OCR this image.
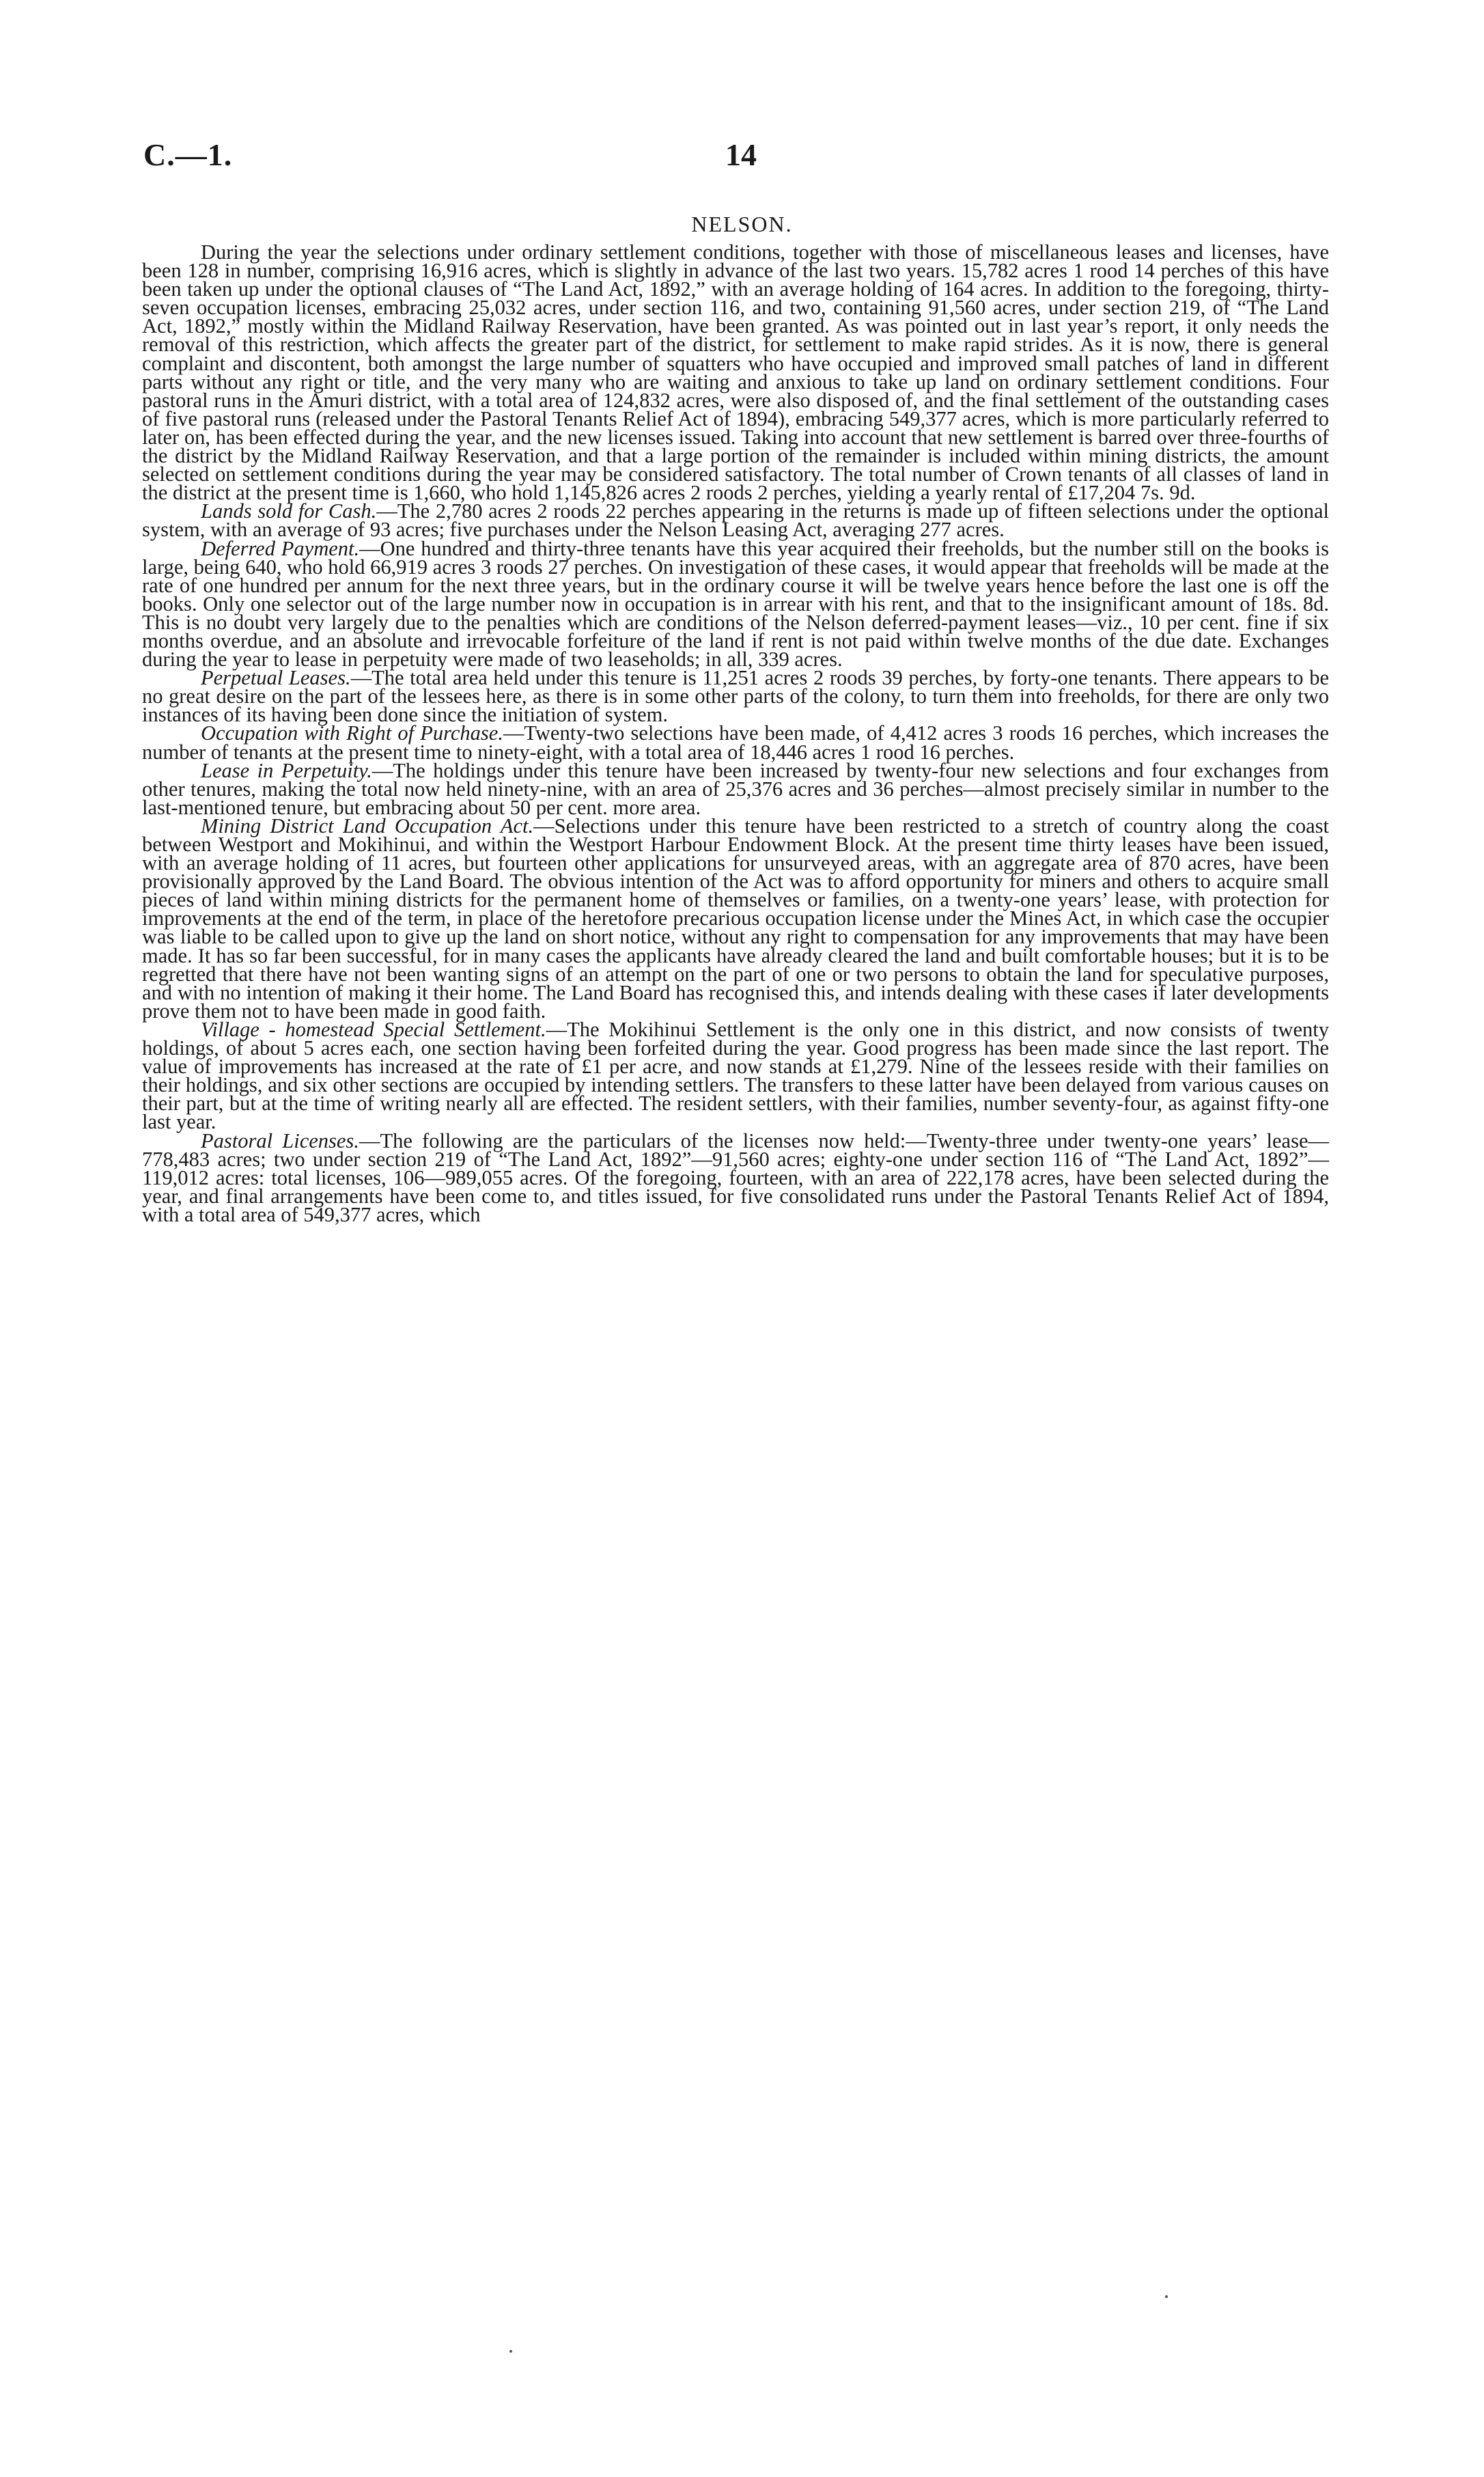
C.—1.	14
NELSON.

During the year the selections under ordinary settlement conditions, together with those of miscellaneous leases and licenses, have been 128 in number, comprising 16,916 acres, which is slightly in advance of the last two years. 15,782 acres 1 rood 14 perches of this have been taken up under the optional clauses of “The Land Act, 1892,” with an average holding of 164 acres. In addition to the foregoing, thirty-seven occupation licenses, embracing 25,032 acres, under section 116, and two, containing 91,560 acres, under section 219, of “The Land Act, 1892,” mostly within the Midland Railway Reservation, have been granted. As was pointed out in last year’s report, it only needs the removal of this restriction, which affects the greater part of the district, for settlement to make rapid strides. As it is now, there is general complaint and discontent, both amongst the large number of squatters who have occupied and improved small patches of land in different parts without any right or title, and the very many who are waiting and anxious to take up land on ordinary settlement conditions. Four pastoral runs in the Amuri district, with a total area of 124,832 acres, were also disposed of, and the final settlement of the outstanding cases of five pastoral runs (released under the Pastoral Tenants Relief Act of 1894), embracing 549,377 acres, which is more particularly referred to later on, has been effected during the year, and the new licenses issued. Taking into account that new settlement is barred over three-fourths of the district by the Midland Railway Reservation, and that a large portion of the remainder is included within mining districts, the amount selected on settlement conditions during the year may be considered satisfactory. The total number of Crown tenants of all classes of land in the district at the present time is 1,660, who hold 1,145,826 acres 2 roods 2 perches, yielding a yearly rental of £17,204 7s. 9d.

Lands sold for Cash.—The 2,780 acres 2 roods 22 perches appearing in the returns is made up of fifteen selections under the optional system, with an average of 93 acres; five purchases under the Nelson Leasing Act, averaging 277 acres.

Deferred Payment.—One hundred and thirty-three tenants have this year acquired their freeholds, but the number still on the books is large, being 640, who hold 66,919 acres 3 roods 27 perches. On investigation of these cases, it would appear that freeholds will be made at the rate of one hundred per annum for the next three years, but in the ordinary course it will be twelve years hence before the last one is off the books. Only one selector out of the large number now in occupation is in arrear with his rent, and that to the insignificant amount of 18s. 8d. This is no doubt very largely due to the penalties which are conditions of the Nelson deferred-payment leases—viz., 10 per cent. fine if six months overdue, and an absolute and irrevocable forfeiture of the land if rent is not paid within twelve months of the due date. Exchanges during the year to lease in perpetuity were made of two leaseholds; in all, 339 acres.

Perpetual Leases.—The total area held under this tenure is 11,251 acres 2 roods 39 perches, by forty-one tenants. There appears to be no great desire on the part of the lessees here, as there is in some other parts of the colony, to turn them into freeholds, for there are only two instances of its having been done since the initiation of system.

Occupation with Right of Purchase.—Twenty-two selections have been made, of 4,412 acres 3 roods 16 perches, which increases the number of tenants at the present time to ninety-eight, with a total area of 18,446 acres 1 rood 16 perches.

Lease in Perpetuity.—The holdings under this tenure have been increased by twenty-four new selections and four exchanges from other tenures, making the total now held ninety-nine, with an area of 25,376 acres and 36 perches—almost precisely similar in number to the last-mentioned tenure, but embracing about 50 per cent. more area.

Mining District Land Occupation Act.—Selections under this tenure have been restricted to a stretch of country along the coast between Westport and Mokihinui, and within the Westport Harbour Endowment Block. At the present time thirty leases have been issued, with an average holding of 11 acres, but fourteen other applications for unsurveyed areas, with an aggregate area of 870 acres, have been provisionally approved by the Land Board. The obvious intention of the Act was to afford opportunity for miners and others to acquire small pieces of land within mining districts for the permanent home of themselves or families, on a twenty-one years’ lease, with protection for improvements at the end of the term, in place of the heretofore precarious occupation license under the Mines Act, in which case the occupier was liable to be called upon to give up the land on short notice, without any right to compensation for any improvements that may have been made. It has so far been successful, for in many cases the applicants have already cleared the land and built comfortable houses; but it is to be regretted that there have not been wanting signs of an attempt on the part of one or two persons to obtain the land for speculative purposes, and with no intention of making it their home. The Land Board has recognised this, and intends dealing with these cases if later developments prove them not to have been made in good faith.

Village - homestead Special Settlement.—The Mokihinui Settlement is the only one in this district, and now consists of twenty holdings, of about 5 acres each, one section having been forfeited during the year. Good progress has been made since the last report. The value of improvements has increased at the rate of £1 per acre, and now stands at £1,279. Nine of the lessees reside with their families on their holdings, and six other sections are occupied by intending settlers. The transfers to these latter have been delayed from various causes on their part, but at the time of writing nearly all are effected. The resident settlers, with their families, number seventy-four, as against fifty-one last year.

Pastoral Licenses.—The following are the particulars of the licenses now held:—Twenty-three under twenty-one years’ lease—778,483 acres; two under section 219 of “The Land Act, 1892”—91,560 acres; eighty-one under section 116 of “The Land Act, 1892”—119,012 acres: total licenses, 106—989,055 acres. Of the foregoing, fourteen, with an area of 222,178 acres, have been selected during the year, and final arrangements have been come to, and titles issued, for five consolidated runs under the Pastoral Tenants Relief Act of 1894, with a total area of 549,377 acres, which
